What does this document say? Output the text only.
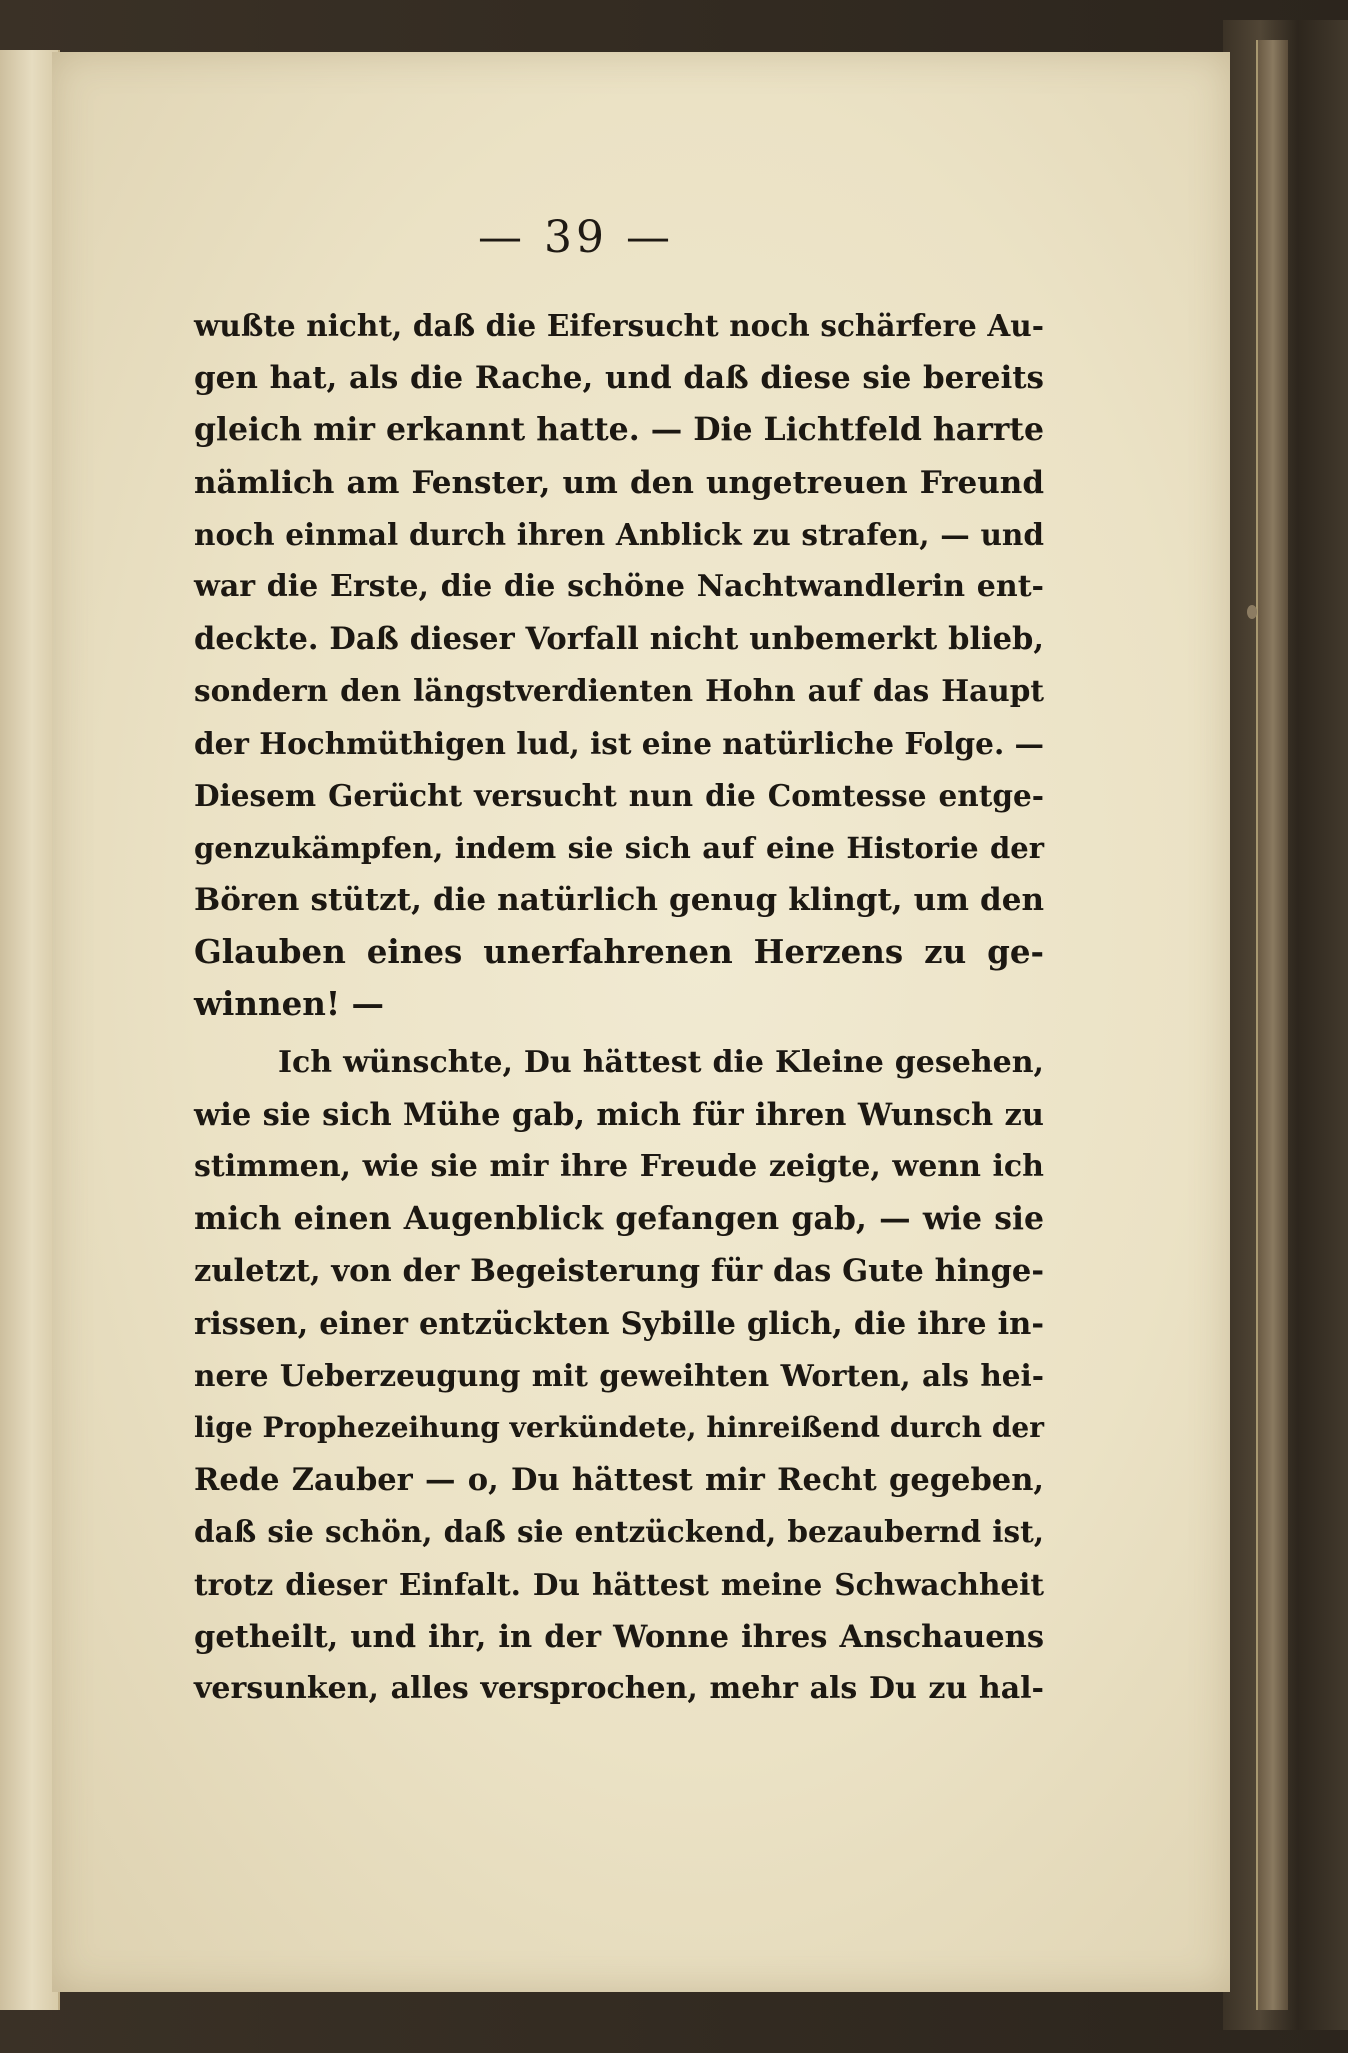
— 39 —
wußte nicht, daß die Eifersucht noch schärfere Au-
gen hat, als die Rache, und daß diese sie bereits
gleich mir erkannt hatte. — Die Lichtfeld harrte
nämlich am Fenster, um den ungetreuen Freund
noch einmal durch ihren Anblick zu strafen, — und
war die Erste, die die schöne Nachtwandlerin ent-
deckte. Daß dieser Vorfall nicht unbemerkt blieb,
sondern den längstverdienten Hohn auf das Haupt
der Hochmüthigen lud, ist eine natürliche Folge. —
Diesem Gerücht versucht nun die Comtesse entge-
genzukämpfen, indem sie sich auf eine Historie der
Bören stützt, die natürlich genug klingt, um den
Glauben eines unerfahrenen Herzens zu ge-
winnen! —
Ich wünschte, Du hättest die Kleine gesehen,
wie sie sich Mühe gab, mich für ihren Wunsch zu
stimmen, wie sie mir ihre Freude zeigte, wenn ich
mich einen Augenblick gefangen gab, — wie sie
zuletzt, von der Begeisterung für das Gute hinge-
rissen, einer entzückten Sybille glich, die ihre in-
nere Ueberzeugung mit geweihten Worten, als hei-
lige Prophezeihung verkündete, hinreißend durch der
Rede Zauber — o, Du hättest mir Recht gegeben,
daß sie schön, daß sie entzückend, bezaubernd ist,
trotz dieser Einfalt. Du hättest meine Schwachheit
getheilt, und ihr, in der Wonne ihres Anschauens
versunken, alles versprochen, mehr als Du zu hal-
